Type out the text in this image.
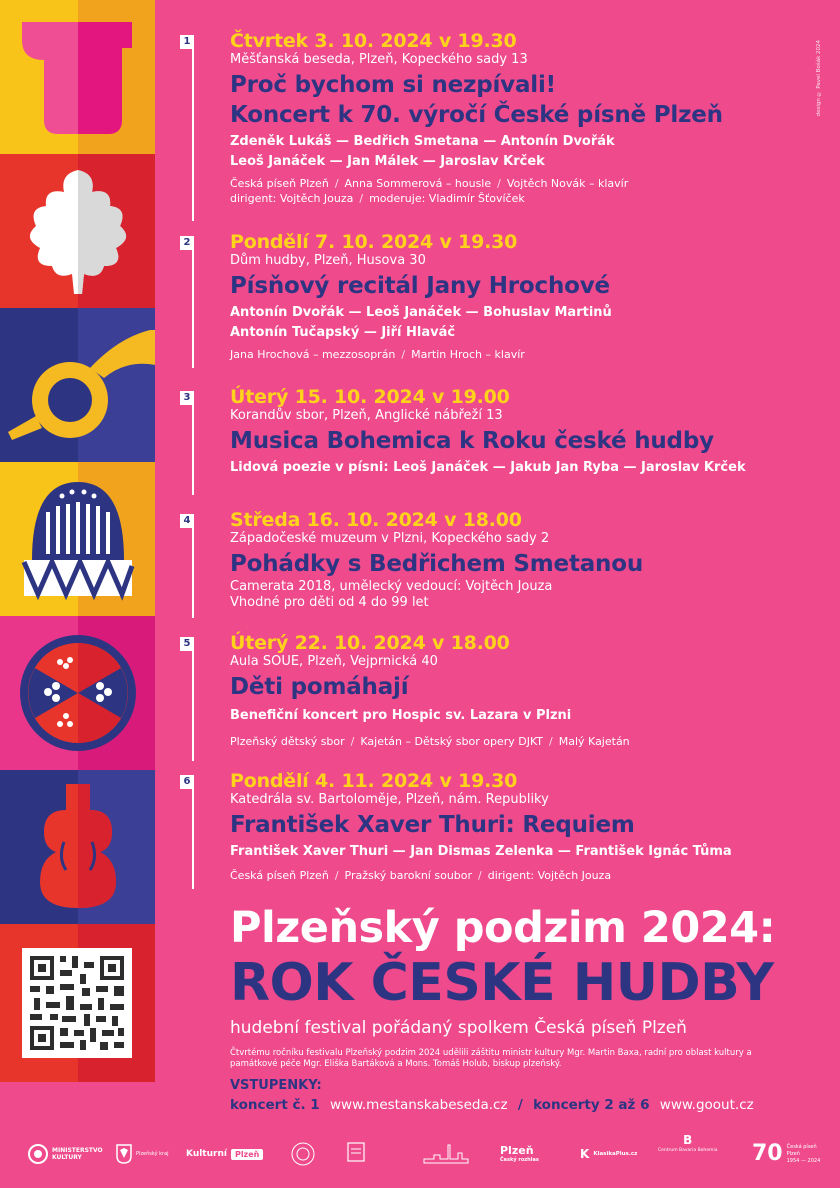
design © Pavel Bošák 2024
1 Čtvrtek 3. 10. 2024 v 19.30
Měšťanská beseda, Plzeň, Kopeckého sady 13
Proč bychom si nezpívali!
Koncert k 70. výročí České písně Plzeň
Zdeněk Lukáš — Bedřich Smetana — Antonín Dvořák
Leoš Janáček — Jan Málek — Jaroslav Krček
Česká píseň Plzeň / Anna Sommerová – housle / Vojtěch Novák – klavír
dirigent: Vojtěch Jouza / moderuje: Vladimír Šťovíček
2 Pondělí 7. 10. 2024 v 19.30
Dům hudby, Plzeň, Husova 30
Písňový recitál Jany Hrochové
Antonín Dvořák — Leoš Janáček — Bohuslav Martinů
Antonín Tučapský — Jiří Hlaváč
Jana Hrochová – mezzosoprán / Martin Hroch – klavír
3 Úterý 15. 10. 2024 v 19.00
Korandův sbor, Plzeň, Anglické nábřeží 13
Musica Bohemica k Roku české hudby
Lidová poezie v písni: Leoš Janáček — Jakub Jan Ryba — Jaroslav Krček
4 Středa 16. 10. 2024 v 18.00
Západočeské muzeum v Plzni, Kopeckého sady 2
Pohádky s Bedřichem Smetanou
Camerata 2018, umělecký vedoucí: Vojtěch Jouza
Vhodné pro děti od 4 do 99 let
5 Úterý 22. 10. 2024 v 18.00
Aula SOUE, Plzeň, Vejprnická 40
Děti pomáhají
Benefiční koncert pro Hospic sv. Lazara v Plzni
Plzeňský dětský sbor / Kajetán – Dětský sbor opery DJKT / Malý Kajetán
6 Pondělí 4. 11. 2024 v 19.30
Katedrála sv. Bartoloměje, Plzeň, nám. Republiky
František Xaver Thuri: Requiem
František Xaver Thuri — Jan Dismas Zelenka — František Ignác Tůma
Česká píseň Plzeň / Pražský barokní soubor / dirigent: Vojtěch Jouza
Plzeňský podzim 2024:
ROK ČESKÉ HUDBY
hudební festival pořádaný spolkem Česká píseň Plzeň
Čtvrtému ročníku festivalu Plzeňský podzim 2024 udělili záštitu ministr kultury Mgr. Martin Baxa, radní pro oblast kultury a památkové péče Mgr. Eliška Bartáková a Mons. Tomáš Holub, biskup plzeňský.
VSTUPENKY:
koncert č. 1 www.mestanskabeseda.cz / koncerty 2 až 6 www.goout.cz
MINISTERSTVO
KULTURY
Plzeňský kraj Kulturní	Plzeň	Plzeň
Český rozhlas	K KlasikaPlus.cz
B
Centrum Bavaria Bohemia 70 Česká píseň Plzeň
1954 — 2024
